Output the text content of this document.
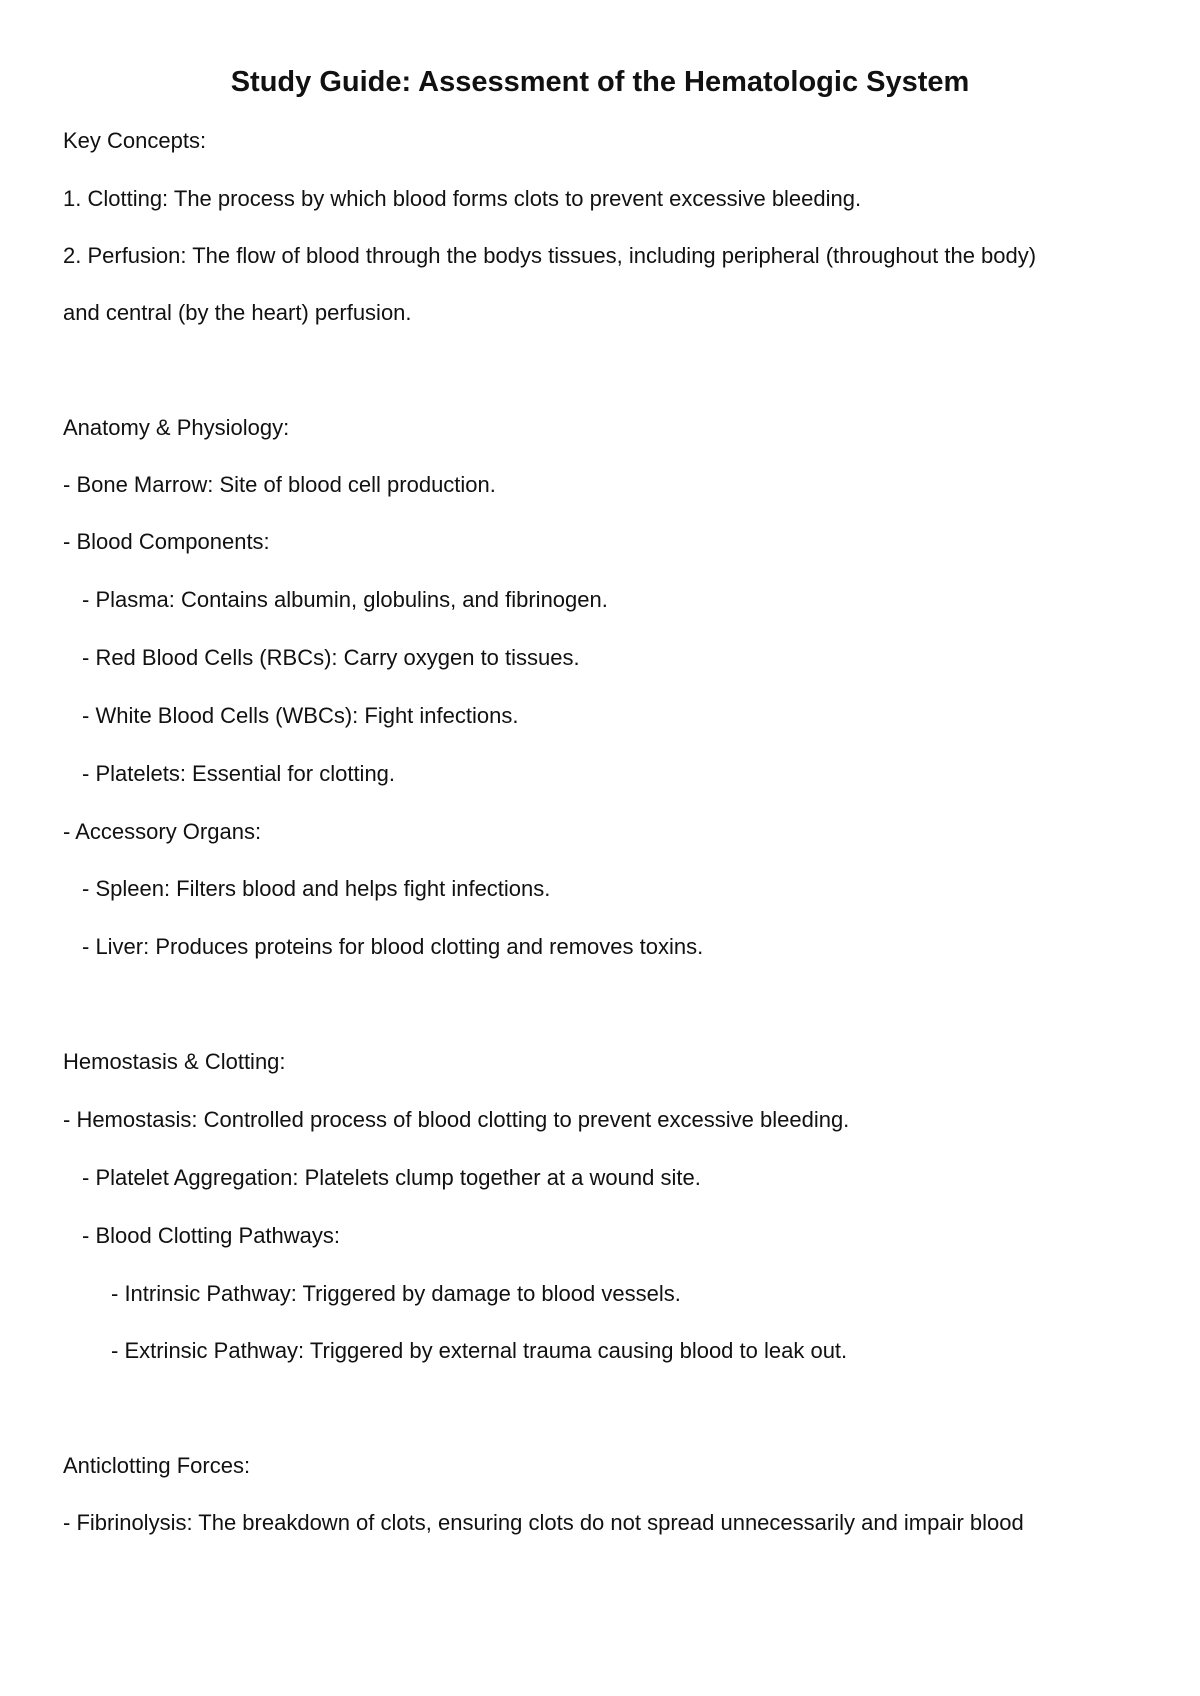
Study Guide: Assessment of the Hematologic System
Key Concepts:
1. Clotting: The process by which blood forms clots to prevent excessive bleeding.
2. Perfusion: The flow of blood through the bodys tissues, including peripheral (throughout the body)
and central (by the heart) perfusion.
Anatomy & Physiology:
- Bone Marrow: Site of blood cell production.
- Blood Components:
- Plasma: Contains albumin, globulins, and fibrinogen.
- Red Blood Cells (RBCs): Carry oxygen to tissues.
- White Blood Cells (WBCs): Fight infections.
- Platelets: Essential for clotting.
- Accessory Organs:
- Spleen: Filters blood and helps fight infections.
- Liver: Produces proteins for blood clotting and removes toxins.
Hemostasis & Clotting:
- Hemostasis: Controlled process of blood clotting to prevent excessive bleeding.
- Platelet Aggregation: Platelets clump together at a wound site.
- Blood Clotting Pathways:
- Intrinsic Pathway: Triggered by damage to blood vessels.
- Extrinsic Pathway: Triggered by external trauma causing blood to leak out.
Anticlotting Forces:
- Fibrinolysis: The breakdown of clots, ensuring clots do not spread unnecessarily and impair blood
